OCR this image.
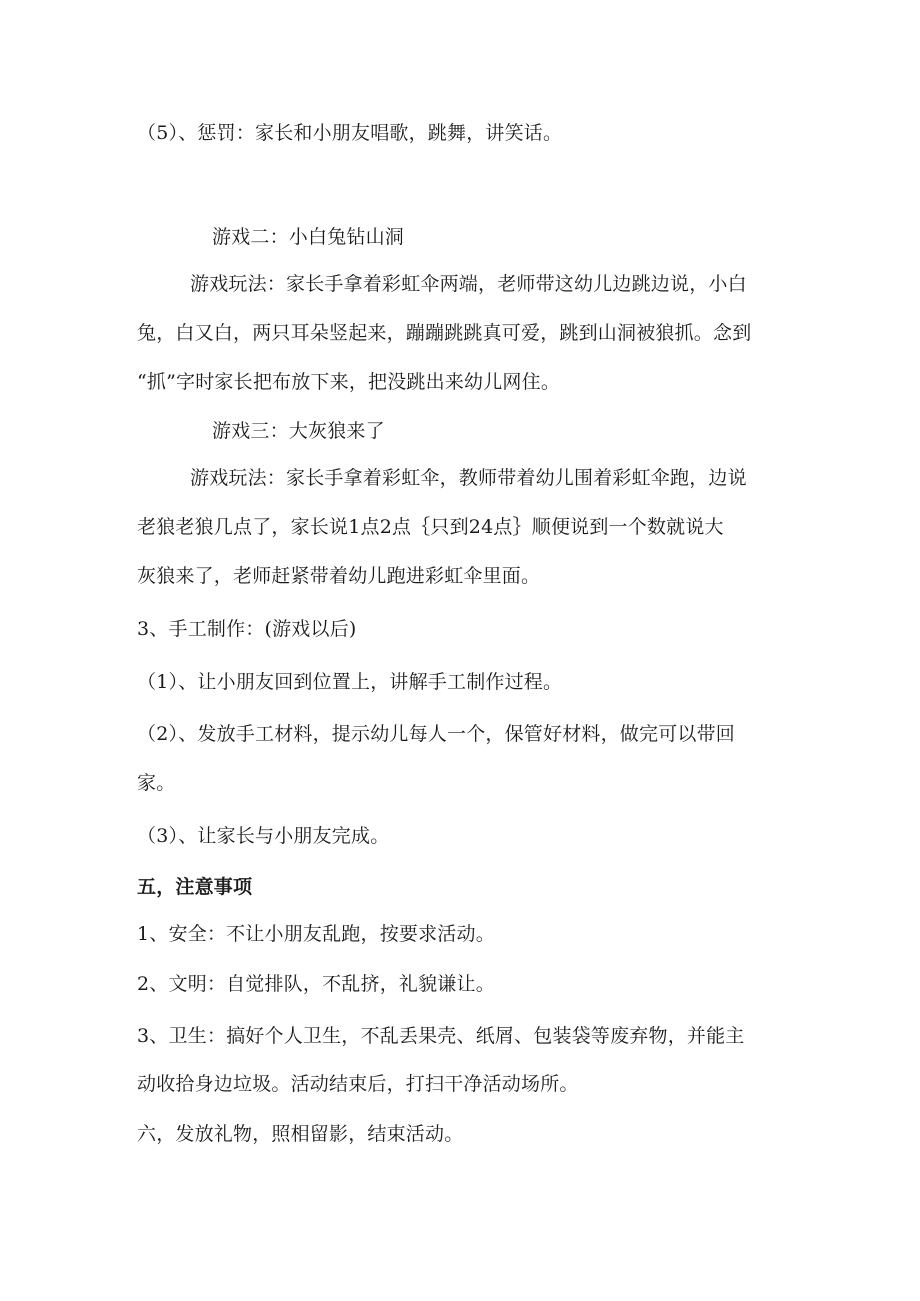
（5）、惩罚：家长和小朋友唱歌，跳舞，讲笑话。
游戏二：小白兔钻山洞
游戏玩法：家长手拿着彩虹伞两端，老师带这幼儿边跳边说，小白
兔，白又白，两只耳朵竖起来，蹦蹦跳跳真可爱，跳到山洞被狼抓。念到
“抓”字时家长把布放下来，把没跳出来幼儿网住。
游戏三：大灰狼来了
游戏玩法：家长手拿着彩虹伞，教师带着幼儿围着彩虹伞跑，边说
老狼老狼几点了，家长说1点2点｛只到24点｝顺便说到一个数就说大
灰狼来了，老师赶紧带着幼儿跑进彩虹伞里面。
3、手工制作：(游戏以后)
（1）、让小朋友回到位置上，讲解手工制作过程。
（2）、发放手工材料，提示幼儿每人一个，保管好材料，做完可以带回
家。
（3）、让家长与小朋友完成。
五，注意事项
1、安全：不让小朋友乱跑，按要求活动。
2、文明：自觉排队，不乱挤，礼貌谦让。
3、卫生：搞好个人卫生，不乱丢果壳、纸屑、包装袋等废弃物，并能主
动收拾身边垃圾。活动结束后，打扫干净活动场所。
六，发放礼物，照相留影，结束活动。
